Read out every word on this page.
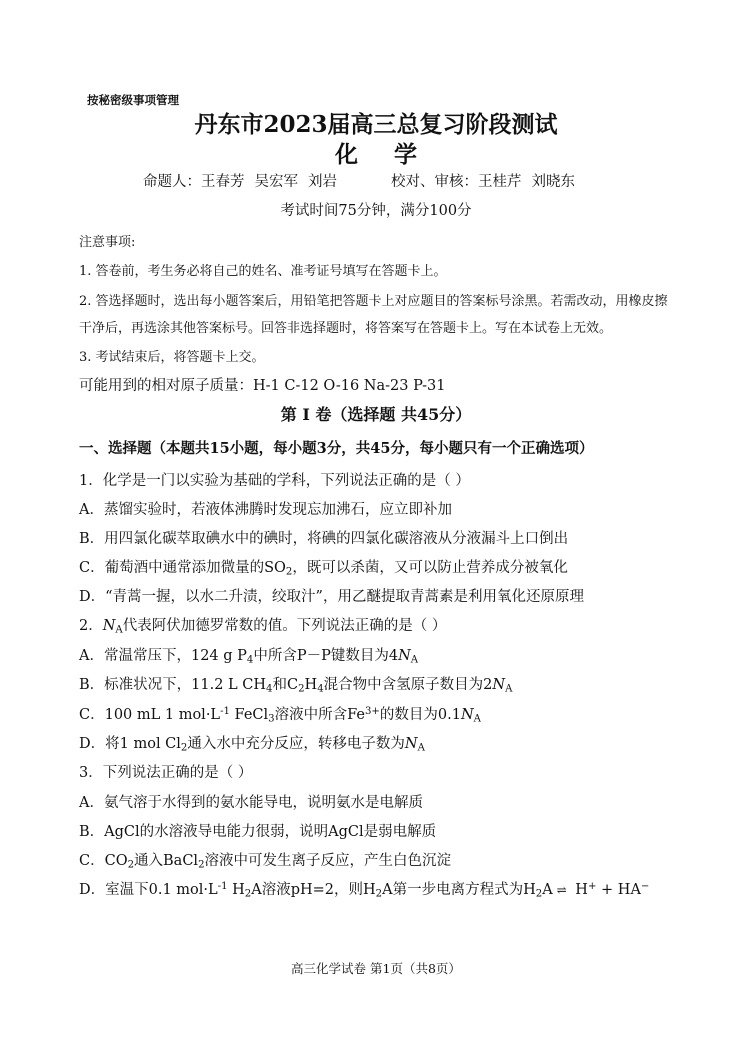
按秘密级事项管理
丹东市2023届高三总复习阶段测试
化 学
命题人：王春芳 吴宏军 刘岩	校对、审核：王桂芹 刘晓东
考试时间75分钟，满分100分
注意事项:
1. 答卷前，考生务必将自己的姓名、准考证号填写在答题卡上。
2. 答选择题时，选出每小题答案后，用铅笔把答题卡上对应题目的答案标号涂黑。若需改动，用橡皮擦
干净后，再选涂其他答案标号。回答非选择题时，将答案写在答题卡上。写在本试卷上无效。
3. 考试结束后，将答题卡上交。
可能用到的相对原子质量：H-1 C-12 O-16 Na-23 P-31
第 Ⅰ 卷（选择题 共45分）
一、选择题（本题共15小题，每小题3分，共45分，每小题只有一个正确选项）
1．化学是一门以实验为基础的学科，下列说法正确的是（ ）
A．蒸馏实验时，若液体沸腾时发现忘加沸石，应立即补加
B．用四氯化碳萃取碘水中的碘时，将碘的四氯化碳溶液从分液漏斗上口倒出
C．葡萄酒中通常添加微量的$SO_2$，既可以杀菌，又可以防止营养成分被氧化
D．“青蒿一握，以水二升渍，绞取汁”，用乙醚提取青蒿素是利用氧化还原原理
2．$N_A$代表阿伏加德罗常数的值。下列说法正确的是（ ）
A．常温常压下，124 g $P_4$中所含P－P键数目为$4N_A$
B．标准状况下，11.2 L $CH_4$和$C_2H_4$混合物中含氢原子数目为$2N_A$
C．100 mL 1 $mol\cdot L^{-1}$ FeCl$_3$溶液中所含$Fe^{3+}$的数目为$0.1N_A$
D．将1 mol $Cl_2$通入水中充分反应，转移电子数为$N_A$
3．下列说法正确的是（ ）
A．氨气溶于水得到的氨水能导电，说明氨水是电解质
B．AgCl的水溶液导电能力很弱，说明AgCl是弱电解质
C．$CO_2$通入BaCl$_2$溶液中可发生离子反应，产生白色沉淀
D．室温下0.1 $mol\cdot L^{-1}$ $H_2A$溶液pH=2，则$H_2A$第一步电离方程式为$H_2A$ ⇌ H+ + HA−
高三化学试卷 第1页（共8页）
